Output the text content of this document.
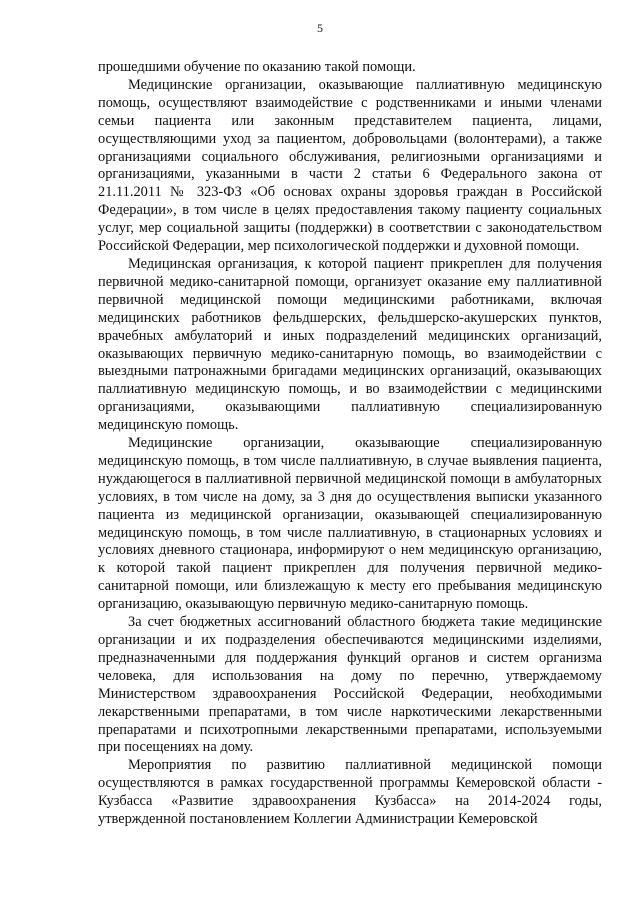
5

прошедшими обучение по оказанию такой помощи.

Медицинские организации, оказывающие паллиативную медицинскую помощь, осуществляют взаимодействие с родственниками и иными членами семьи пациента или законным представителем пациента, лицами, осуществляющими уход за пациентом, добровольцами (волонтерами), а также организациями социального обслуживания, религиозными организациями и организациями, указанными в части 2 статьи 6 Федерального закона от 21.11.2011 № 323-ФЗ «Об основах охраны здоровья граждан в Российской Федерации», в том числе в целях предоставления такому пациенту социальных услуг, мер социальной защиты (поддержки) в соответствии с законодательством Российской Федерации, мер психологической поддержки и духовной помощи.

Медицинская организация, к которой пациент прикреплен для получения первичной медико-санитарной помощи, организует оказание ему паллиативной первичной медицинской помощи медицинскими работниками, включая медицинских работников фельдшерских, фельдшерско-акушерских пунктов, врачебных амбулаторий и иных подразделений медицинских организаций, оказывающих первичную медико-санитарную помощь, во взаимодействии с выездными патронажными бригадами медицинских организаций, оказывающих паллиативную медицинскую помощь, и во взаимодействии с медицинскими организациями, оказывающими паллиативную специализированную медицинскую помощь.

Медицинские организации, оказывающие специализированную медицинскую помощь, в том числе паллиативную, в случае выявления пациента, нуждающегося в паллиативной первичной медицинской помощи в амбулаторных условиях, в том числе на дому, за 3 дня до осуществления выписки указанного пациента из медицинской организации, оказывающей специализированную медицинскую помощь, в том числе паллиативную, в стационарных условиях и условиях дневного стационара, информируют о нем медицинскую организацию, к которой такой пациент прикреплен для получения первичной медико-санитарной помощи, или близлежащую к месту его пребывания медицинскую организацию, оказывающую первичную медико-санитарную помощь.

За счет бюджетных ассигнований областного бюджета такие медицинские организации и их подразделения обеспечиваются медицинскими изделиями, предназначенными для поддержания функций органов и систем организма человека, для использования на дому по перечню, утверждаемому Министерством здравоохранения Российской Федерации, необходимыми лекарственными препаратами, в том числе наркотическими лекарственными препаратами и психотропными лекарственными препаратами, используемыми при посещениях на дому.

Мероприятия по развитию паллиативной медицинской помощи осуществляются в рамках государственной программы Кемеровской области - Кузбасса «Развитие здравоохранения Кузбасса» на 2014-2024 годы, утвержденной постановлением Коллегии Администрации Кемеровской
